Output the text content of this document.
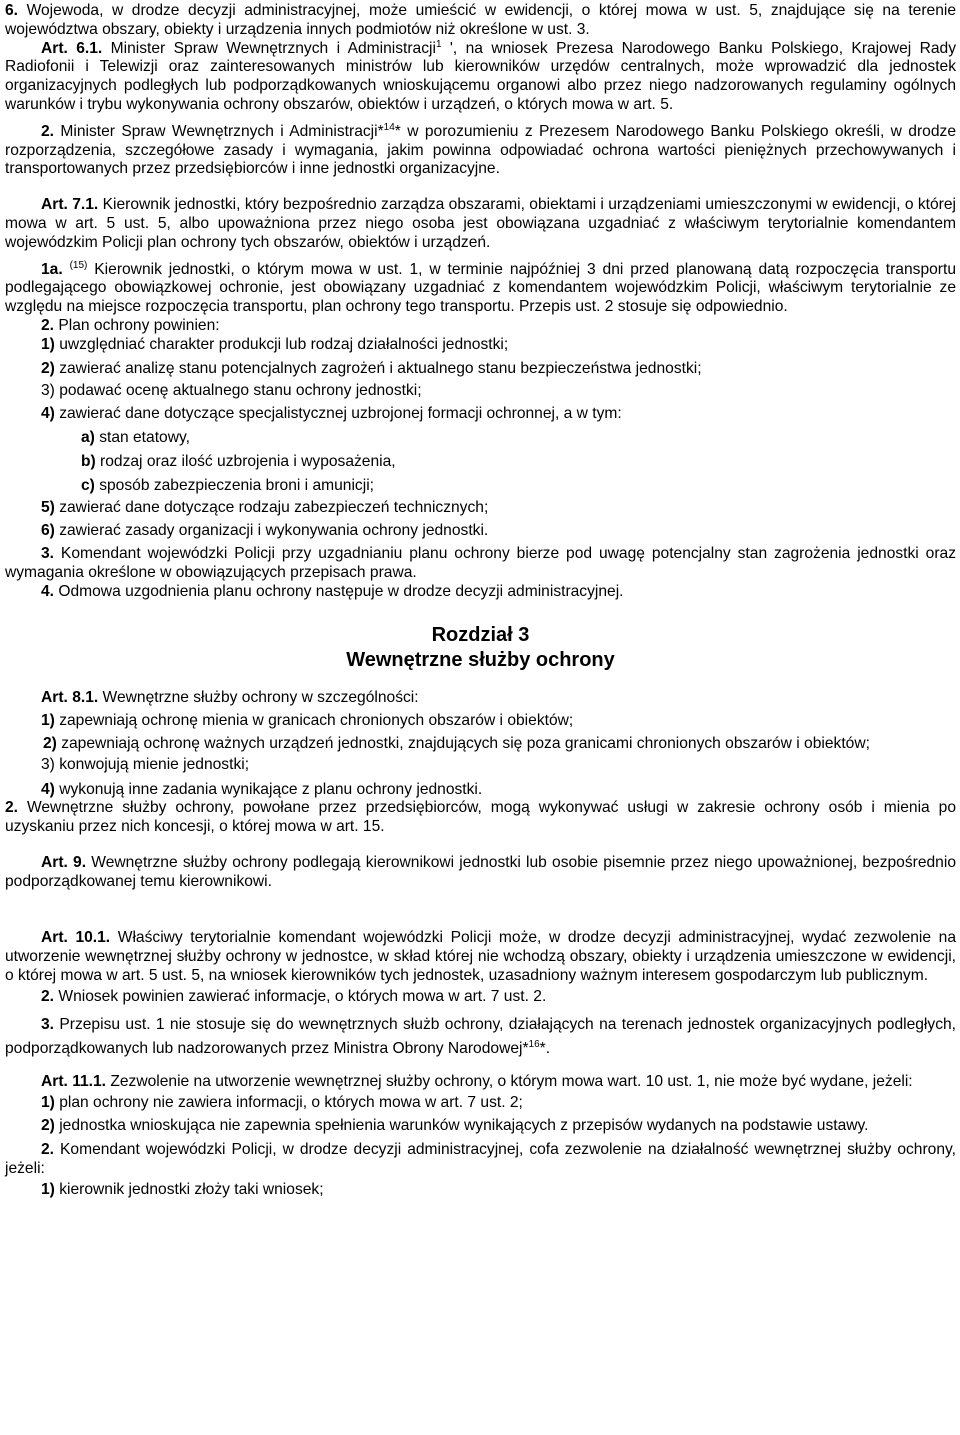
6. Wojewoda, w drodze decyzji administracyjnej, może umieścić w ewidencji, o której mowa w ust. 5, znajdujące się na terenie województwa obszary, obiekty i urządzenia innych podmiotów niż określone w ust. 3.

Art. 6.1. Minister Spraw Wewnętrznych i Administracji$^1$ ', na wniosek Prezesa Narodowego Banku Polskiego, Krajowej Rady Radiofonii i Telewizji oraz zainteresowanych ministrów lub kierowników urzędów centralnych, może wprowadzić dla jednostek organizacyjnych podległych lub podporządkowanych wnioskującemu organowi albo przez niego nadzorowanych regulaminy ogólnych warunków i trybu wykonywania ochrony obszarów, obiektów i urządzeń, o których mowa w art. 5.

2. Minister Spraw Wewnętrznych i Administracji*$^{14}$* w porozumieniu z Prezesem Narodowego Banku Polskiego określi, w drodze rozporządzenia, szczegółowe zasady i wymagania, jakim powinna odpowiadać ochrona wartości pieniężnych przechowywanych i transportowanych przez przedsiębiorców i inne jednostki organizacyjne.

Art. 7.1. Kierownik jednostki, który bezpośrednio zarządza obszarami, obiektami i urządzeniami umieszczonymi w ewidencji, o której mowa w art. 5 ust. 5, albo upoważniona przez niego osoba jest obowiązana uzgadniać z właściwym terytorialnie komendantem wojewódzkim Policji plan ochrony tych obszarów, obiektów i urządzeń.

1a. $^{(15)}$ Kierownik jednostki, o którym mowa w ust. 1, w terminie najpóźniej 3 dni przed planowaną datą rozpoczęcia transportu podlegającego obowiązkowej ochronie, jest obowiązany uzgadniać z komendantem wojewódzkim Policji, właściwym terytorialnie ze względu na miejsce rozpoczęcia transportu, plan ochrony tego transportu. Przepis ust. 2 stosuje się odpowiednio.

2. Plan ochrony powinien:

1) uwzględniać charakter produkcji lub rodzaj działalności jednostki;

2) zawierać analizę stanu potencjalnych zagrożeń i aktualnego stanu bezpieczeństwa jednostki;

3) podawać ocenę aktualnego stanu ochrony jednostki;

4) zawierać dane dotyczące specjalistycznej uzbrojonej formacji ochronnej, a w tym:

a) stan etatowy,

b) rodzaj oraz ilość uzbrojenia i wyposażenia,

c) sposób zabezpieczenia broni i amunicji;

5) zawierać dane dotyczące rodzaju zabezpieczeń technicznych;

6) zawierać zasady organizacji i wykonywania ochrony jednostki.

3. Komendant wojewódzki Policji przy uzgadnianiu planu ochrony bierze pod uwagę potencjalny stan zagrożenia jednostki oraz wymagania określone w obowiązujących przepisach prawa.

4. Odmowa uzgodnienia planu ochrony następuje w drodze decyzji administracyjnej.

Rozdział 3
Wewnętrzne służby ochrony

Art. 8.1. Wewnętrzne służby ochrony w szczególności:

1) zapewniają ochronę mienia w granicach chronionych obszarów i obiektów;

2) zapewniają ochronę ważnych urządzeń jednostki, znajdujących się poza granicami chronionych obszarów i obiektów;

3) konwojują mienie jednostki;

4) wykonują inne zadania wynikające z planu ochrony jednostki.

2. Wewnętrzne służby ochrony, powołane przez przedsiębiorców, mogą wykonywać usługi w zakresie ochrony osób i mienia po uzyskaniu przez nich koncesji, o której mowa w art. 15.

Art. 9. Wewnętrzne służby ochrony podlegają kierownikowi jednostki lub osobie pisemnie przez niego upoważnionej, bezpośrednio podporządkowanej temu kierownikowi.

Art. 10.1. Właściwy terytorialnie komendant wojewódzki Policji może, w drodze decyzji administracyjnej, wydać zezwolenie na utworzenie wewnętrznej służby ochrony w jednostce, w skład której nie wchodzą obszary, obiekty i urządzenia umieszczone w ewidencji, o której mowa w art. 5 ust. 5, na wniosek kierowników tych jednostek, uzasadniony ważnym interesem gospodarczym lub publicznym.

2. Wniosek powinien zawierać informacje, o których mowa w art. 7 ust. 2.

3. Przepisu ust. 1 nie stosuje się do wewnętrznych służb ochrony, działających na terenach jednostek organizacyjnych podległych, podporządkowanych lub nadzorowanych przez Ministra Obrony Narodowej*$^{16}$*.

Art. 11.1. Zezwolenie na utworzenie wewnętrznej służby ochrony, o którym mowa wart. 10 ust. 1, nie może być wydane, jeżeli:

1) plan ochrony nie zawiera informacji, o których mowa w art. 7 ust. 2;

2) jednostka wnioskująca nie zapewnia spełnienia warunków wynikających z przepisów wydanych na podstawie ustawy.

2. Komendant wojewódzki Policji, w drodze decyzji administracyjnej, cofa zezwolenie na działalność wewnętrznej służby ochrony, jeżeli:

1) kierownik jednostki złoży taki wniosek;
